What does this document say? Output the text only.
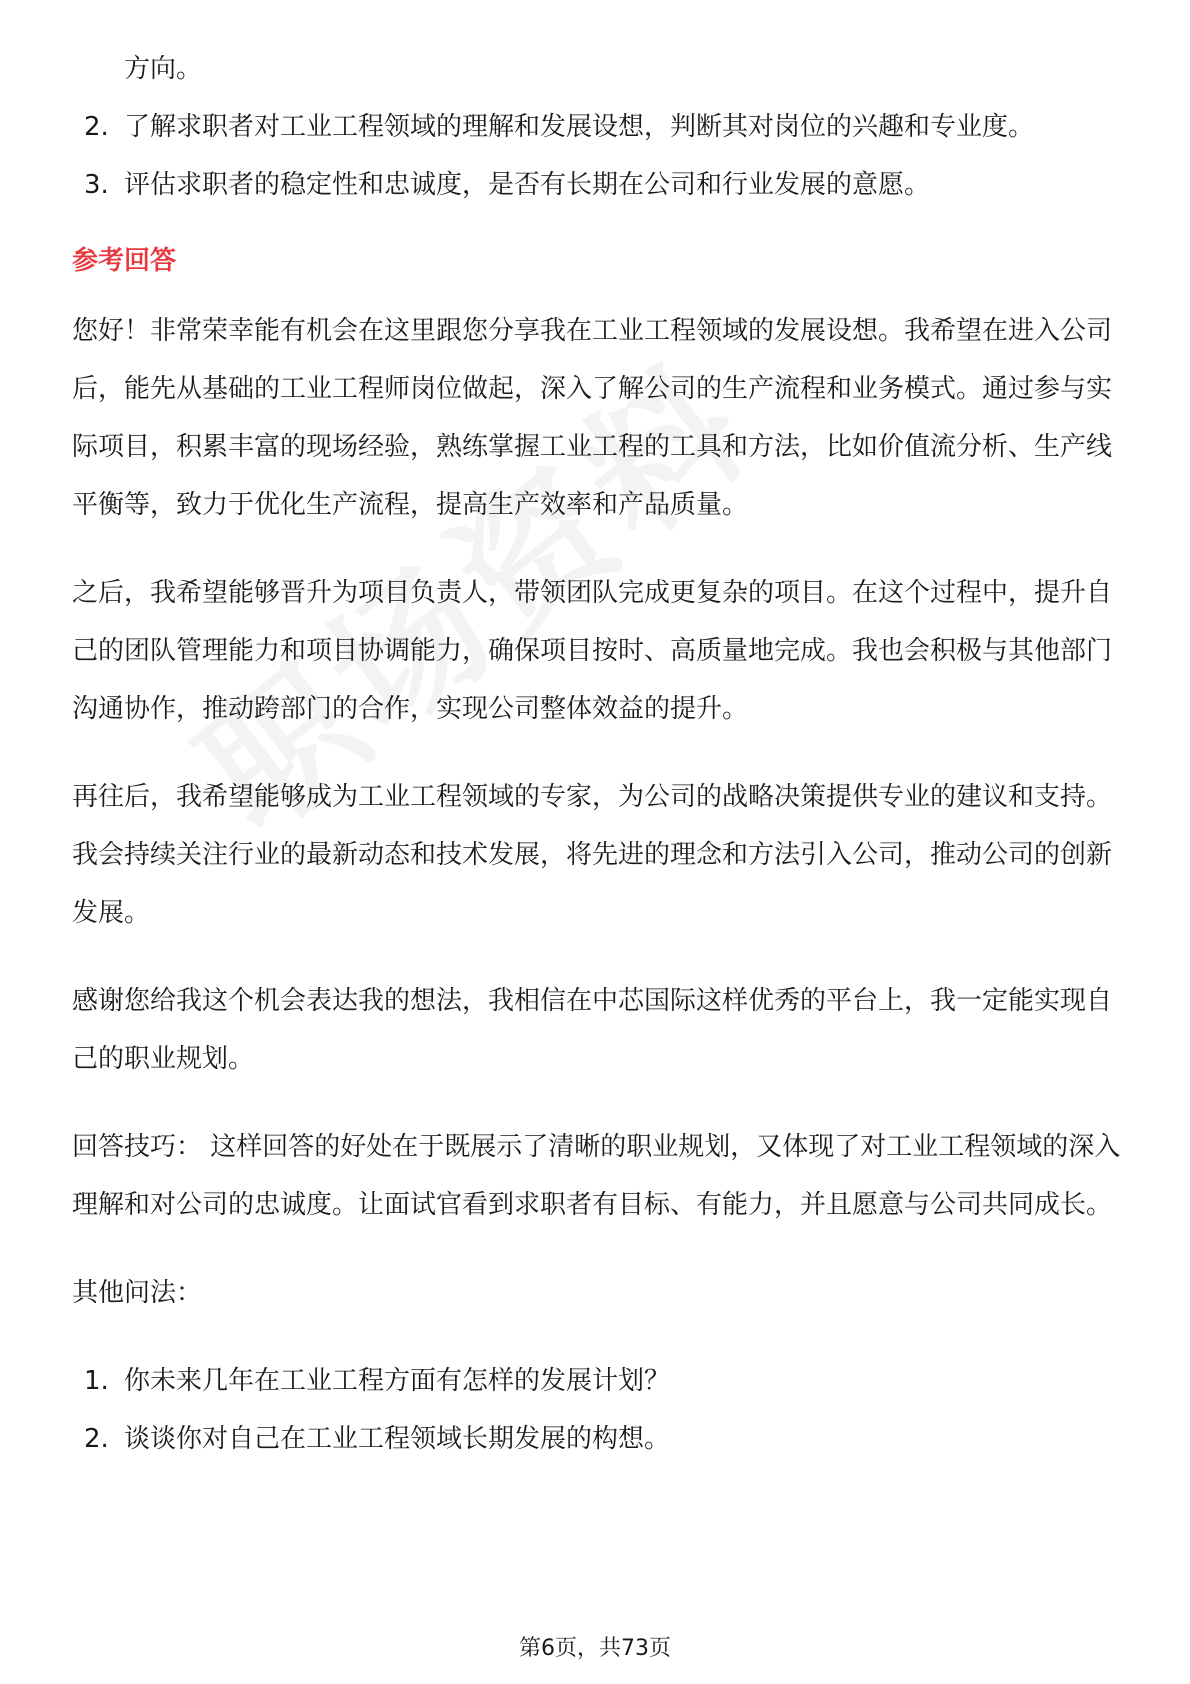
方向。
2. 了解求职者对工业工程领域的理解和发展设想，判断其对岗位的兴趣和专业度。
3. 评估求职者的稳定性和忠诚度，是否有长期在公司和行业发展的意愿。
参考回答

您好！非常荣幸能有机会在这里跟您分享我在工业工程领域的发展设想。我希望在进入公司后，能先从基础的工业工程师岗位做起，深入了解公司的生产流程和业务模式。通过参与实际项目，积累丰富的现场经验，熟练掌握工业工程的工具和方法，比如价值流分析、生产线平衡等，致力于优化生产流程，提高生产效率和产品质量。

之后，我希望能够晋升为项目负责人，带领团队完成更复杂的项目。在这个过程中，提升自己的团队管理能力和项目协调能力，确保项目按时、高质量地完成。我也会积极与其他部门沟通协作，推动跨部门的合作，实现公司整体效益的提升。

再往后，我希望能够成为工业工程领域的专家，为公司的战略决策提供专业的建议和支持。我会持续关注行业的最新动态和技术发展，将先进的理念和方法引入公司，推动公司的创新发展。

感谢您给我这个机会表达我的想法，我相信在中芯国际这样优秀的平台上，我一定能实现自己的职业规划。

回答技巧： 这样回答的好处在于既展示了清晰的职业规划，又体现了对工业工程领域的深入理解和对公司的忠诚度。让面试官看到求职者有目标、有能力，并且愿意与公司共同成长。

其他问法：

1. 你未来几年在工业工程方面有怎样的发展计划？
2. 谈谈你对自己在工业工程领域长期发展的构想。
第6页，共73页
